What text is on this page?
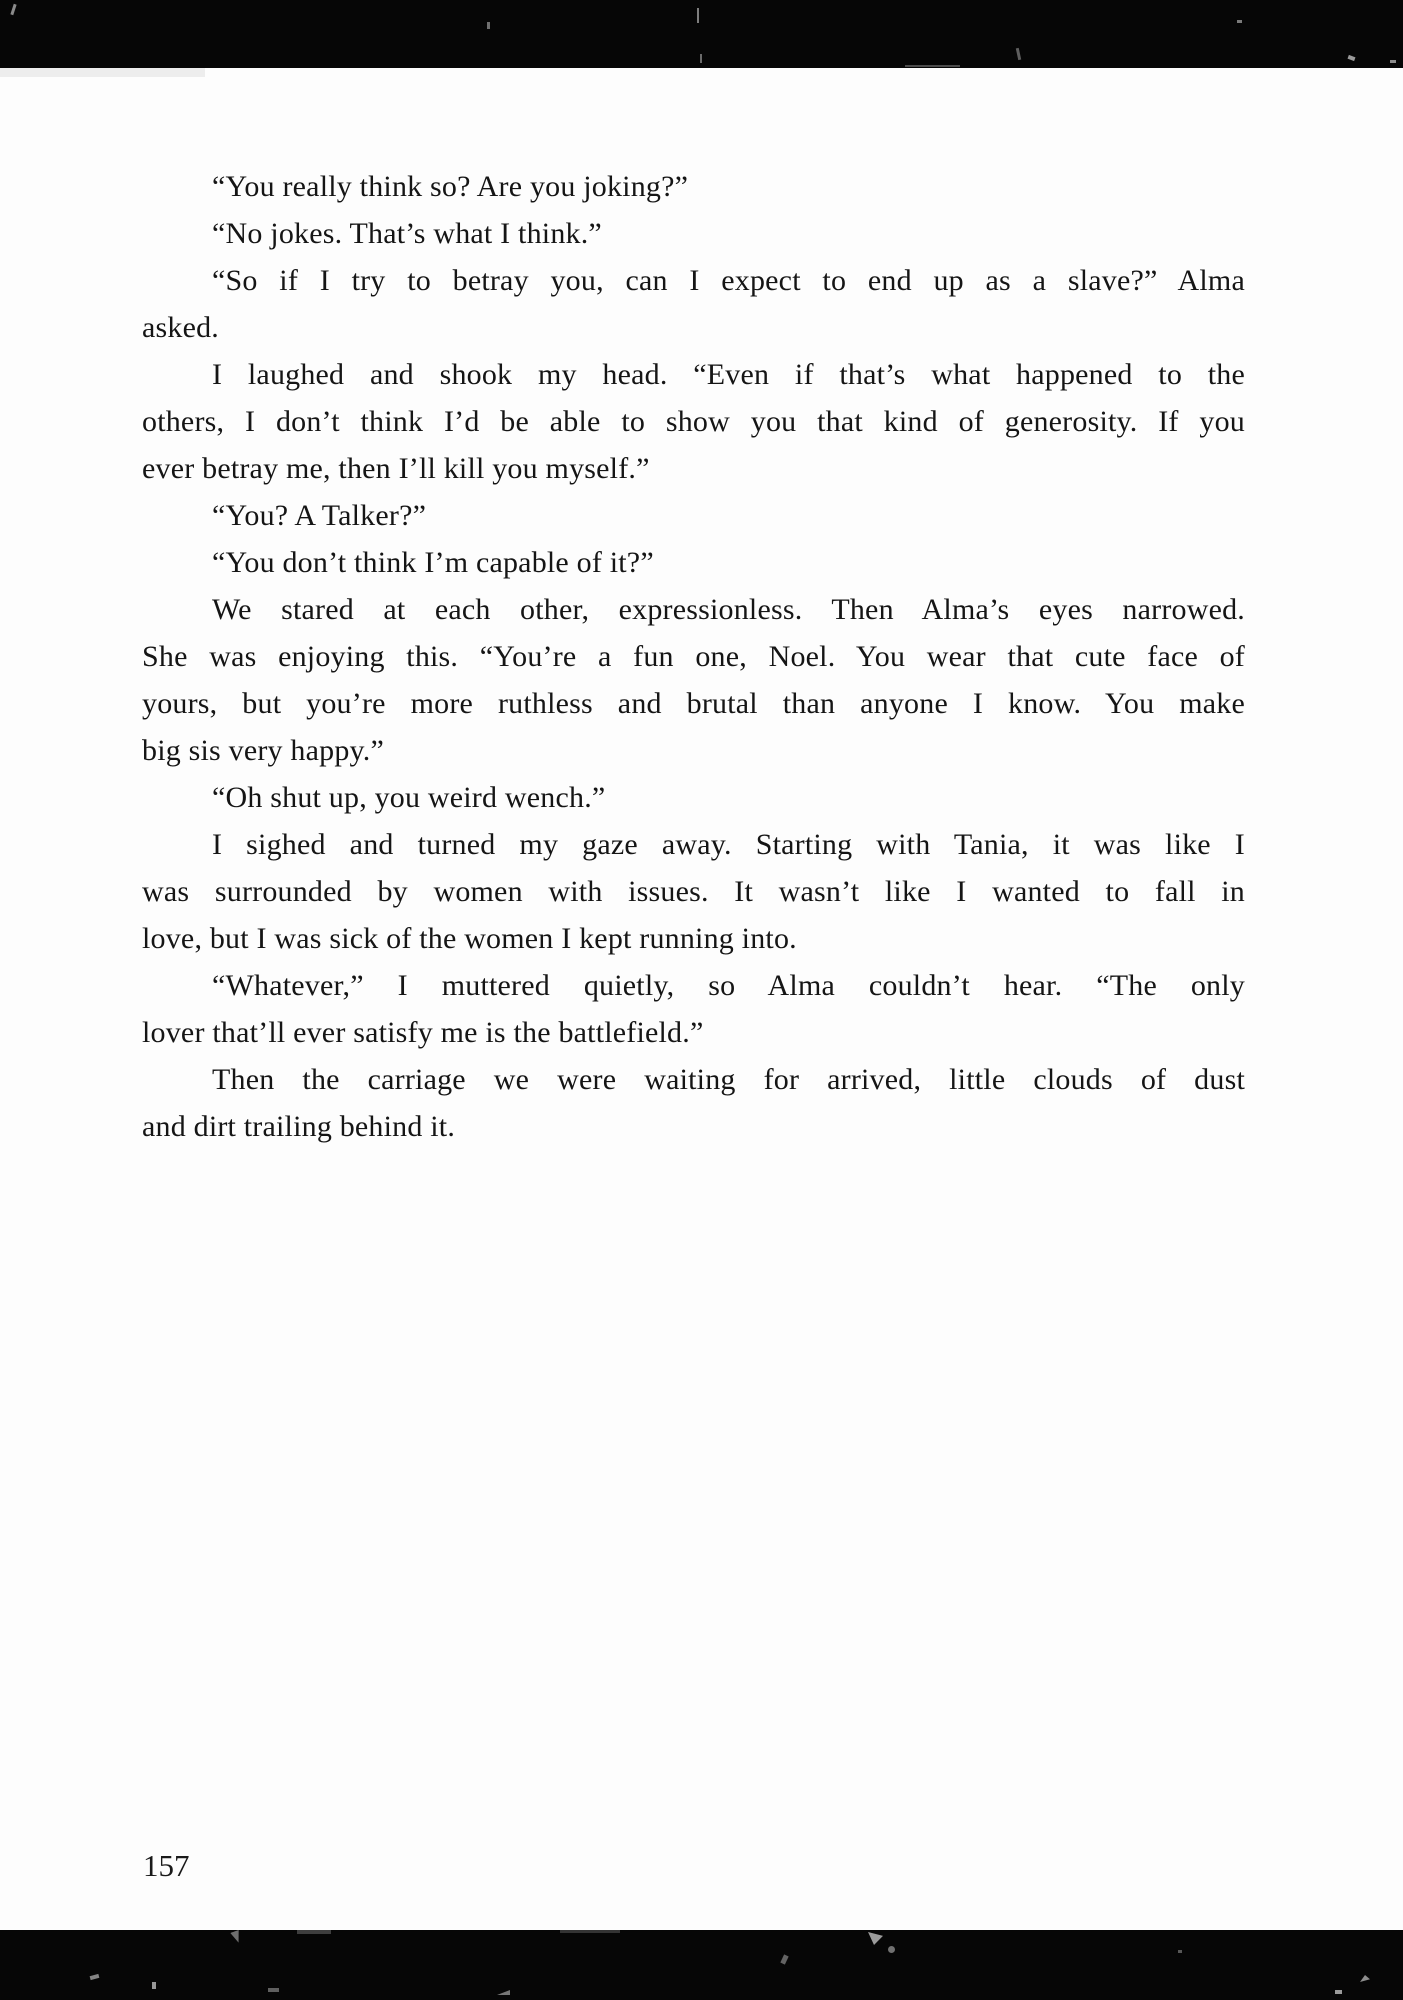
“You really think so? Are you joking?”
“No jokes. That’s what I think.”
“So if I try to betray you, can I expect to end up as a slave?” Alma
asked.
I laughed and shook my head. “Even if that’s what happened to the
others, I don’t think I’d be able to show you that kind of generosity. If you
ever betray me, then I’ll kill you myself.”
“You? A Talker?”
“You don’t think I’m capable of it?”
We stared at each other, expressionless. Then Alma’s eyes narrowed.
She was enjoying this. “You’re a fun one, Noel. You wear that cute face of
yours, but you’re more ruthless and brutal than anyone I know. You make
big sis very happy.”
“Oh shut up, you weird wench.”
I sighed and turned my gaze away. Starting with Tania, it was like I
was surrounded by women with issues. It wasn’t like I wanted to fall in
love, but I was sick of the women I kept running into.
“Whatever,” I muttered quietly, so Alma couldn’t hear. “The only
lover that’ll ever satisfy me is the battlefield.”
Then the carriage we were waiting for arrived, little clouds of dust
and dirt trailing behind it.
157
